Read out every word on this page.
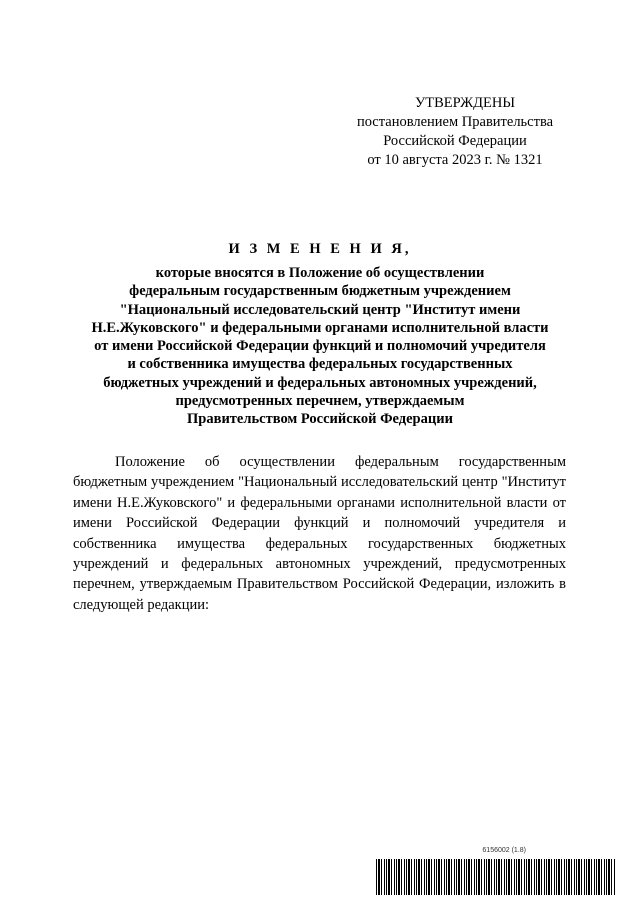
УТВЕРЖДЕНЫ
постановлением Правительства
Российской Федерации
от 10 августа 2023 г. № 1321
И З М Е Н Е Н И Я,
которые вносятся в Положение об осуществлении
федеральным государственным бюджетным учреждением
"Национальный исследовательский центр "Институт имени
Н.Е.Жуковского" и федеральными органами исполнительной власти
от имени Российской Федерации функций и полномочий учредителя
и собственника имущества федеральных государственных
бюджетных учреждений и федеральных автономных учреждений,
предусмотренных перечнем, утверждаемым
Правительством Российской Федерации

Положение об осуществлении федеральным государственным бюджетным учреждением "Национальный исследовательский центр "Институт имени Н.Е.Жуковского" и федеральными органами исполнительной власти от имени Российской Федерации функций и полномочий учредителя и собственника имущества федеральных государственных бюджетных учреждений и федеральных автономных учреждений, предусмотренных перечнем, утверждаемым Правительством Российской Федерации, изложить в следующей редакции:

6156002 (1.8)
